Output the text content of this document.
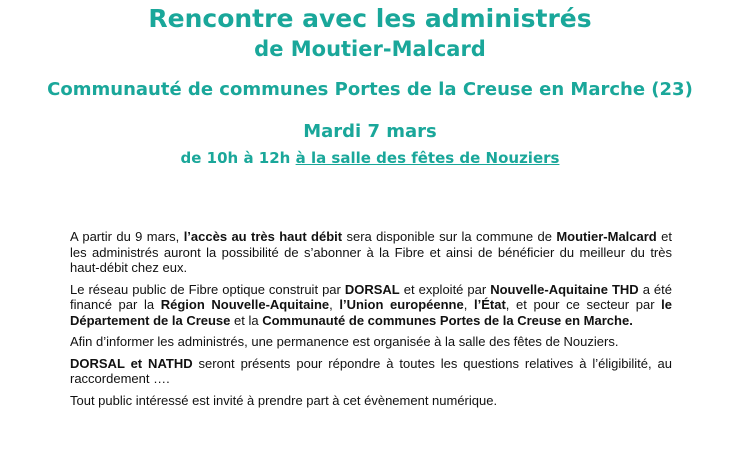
Rencontre avec les administrés
de Moutier-Malcard
Communauté de communes Portes de la Creuse en Marche (23)
Mardi 7 mars
de 10h à 12h à la salle des fêtes de Nouziers

A partir du 9 mars, l’accès au très haut débit sera disponible sur la commune de Moutier-Malcard et les administrés auront la possibilité de s’abonner à la Fibre et ainsi de bénéficier du meilleur du très haut-débit chez eux.

Le réseau public de Fibre optique construit par DORSAL et exploité par Nouvelle-Aquitaine THD a été financé par la Région Nouvelle-Aquitaine, l’Union européenne, l’État, et pour ce secteur par le Département de la Creuse et la Communauté de communes Portes de la Creuse en Marche.

Afin d’informer les administrés, une permanence est organisée à la salle des fêtes de Nouziers.

DORSAL et NATHD seront présents pour répondre à toutes les questions relatives à l’éligibilité, au raccordement ….

Tout public intéressé est invité à prendre part à cet évènement numérique.
